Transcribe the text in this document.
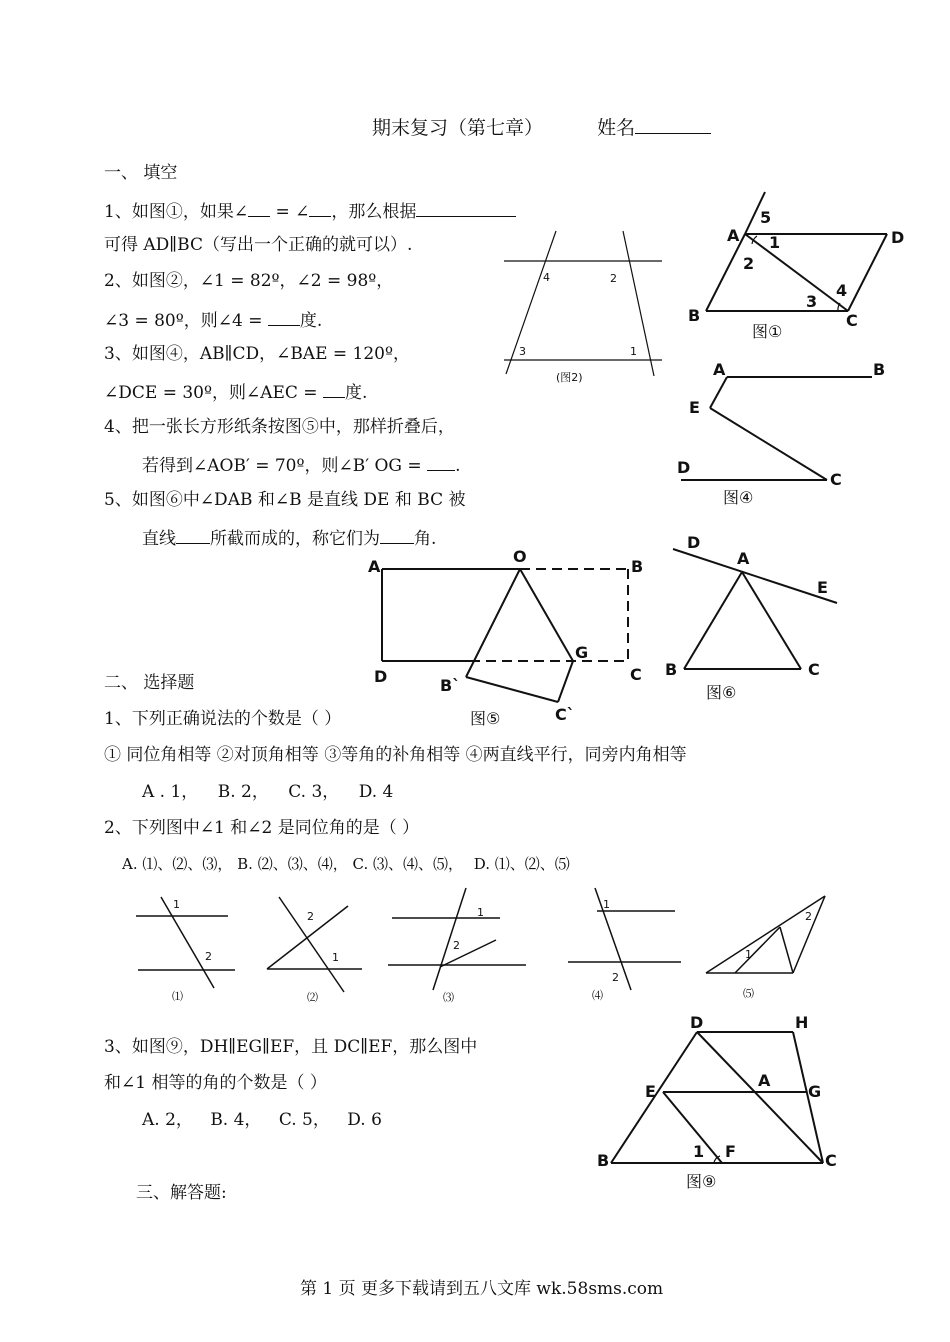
期末复习（第七章）	姓名
一、 填空
1、如图①，如果∠ = ∠ ，那么根据
可得 AD∥BC（写出一个正确的就可以）.
2、如图②，∠1 = 82º，∠2 = 98º，
∠3 = 80º，则∠4 = 度.
3、如图④，AB∥CD，∠BAE = 120º，
∠DCE = 30º，则∠AEC = 度.
4、把一张长方形纸条按图⑤中，那样折叠后，
若得到∠AOB′ = 70º，则∠B′ OG = .
5、如图⑥中∠DAB 和∠B 是直线 DE 和 BC 被
直线 所截而成的，称它们为 角.
二、 选择题
1、下列正确说法的个数是（ ）
① 同位角相等 ②对顶角相等 ③等角的补角相等 ④两直线平行，同旁内角相等
A . 1， B. 2， C. 3， D. 4
2、下列图中∠1 和∠2 是同位角的是（ ）
A. ⑴、⑵、⑶， B. ⑵、⑶、⑷， C. ⑶、⑷、⑸， D. ⑴、⑵、⑸
3、如图⑨，DH∥EG∥EF，且 DC∥EF，那么图中
和∠1 相等的角的个数是（ ）
A. 2， B. 4， C. 5， D. 6
三、解答题:
第 1 页 更多下载请到五八文库 wk.58sms.com
A	D
B	C
5
1
2
3
4
图①
4	2
3	1
(图2)	A	B
E
D
C
图④
A
O
B
D
G
C
B`
C`
图⑤
D
A
E
B	C
图⑥
1
2
⑴
2
1
⑵
1
2
⑶
1
2
⑷
1
2
⑸
D	H
E
A
G
B	1 F	C
图⑨
